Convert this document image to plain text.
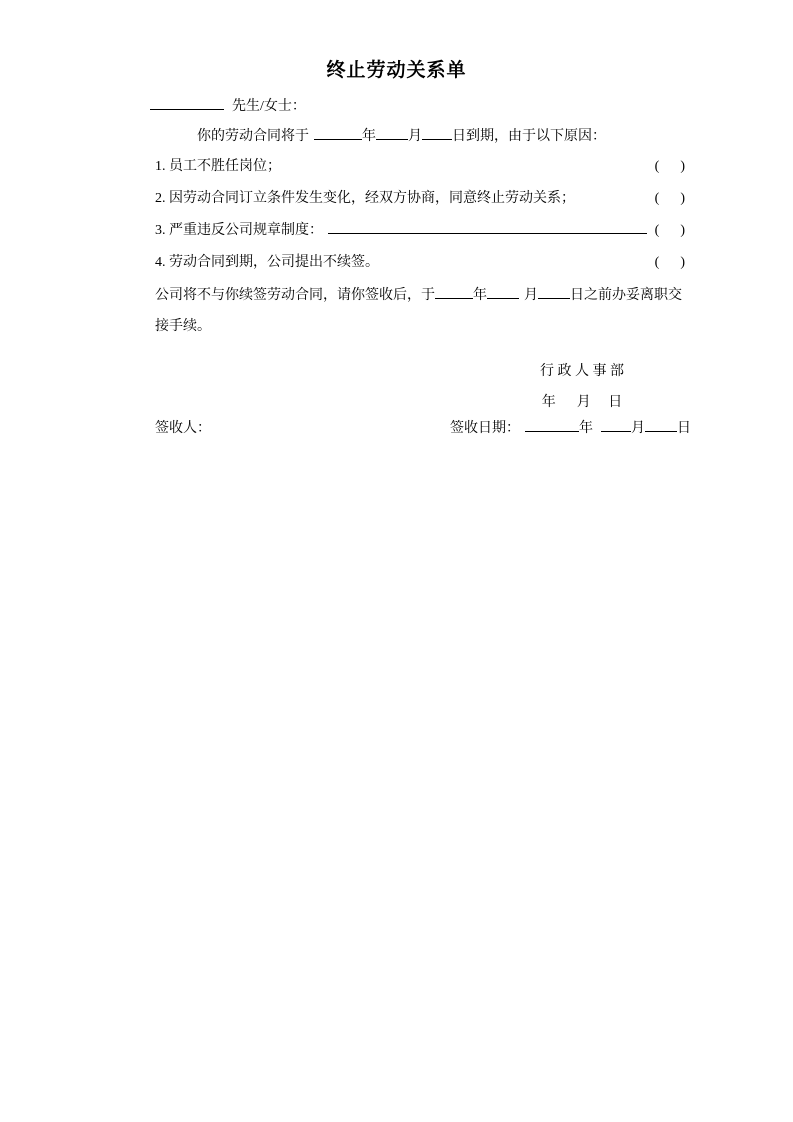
终止劳动关系单
先生/女士：
你的劳动合同将于	年 月 日到期，由于以下原因：
1. 员工不胜任岗位；	(      )
2. 因劳动合同订立条件发生变化，经双方协商，同意终止劳动关系；	(      )
3. 严重违反公司规章制度：	(      )
4. 劳动合同到期，公司提出不续签。	(      )
公司将不与你续签劳动合同，请你签收后，于	年	月 日之前办妥离职交接手续。
行 政 人 事 部
年      月     日
签收人：	签收日期：	年	月 日
